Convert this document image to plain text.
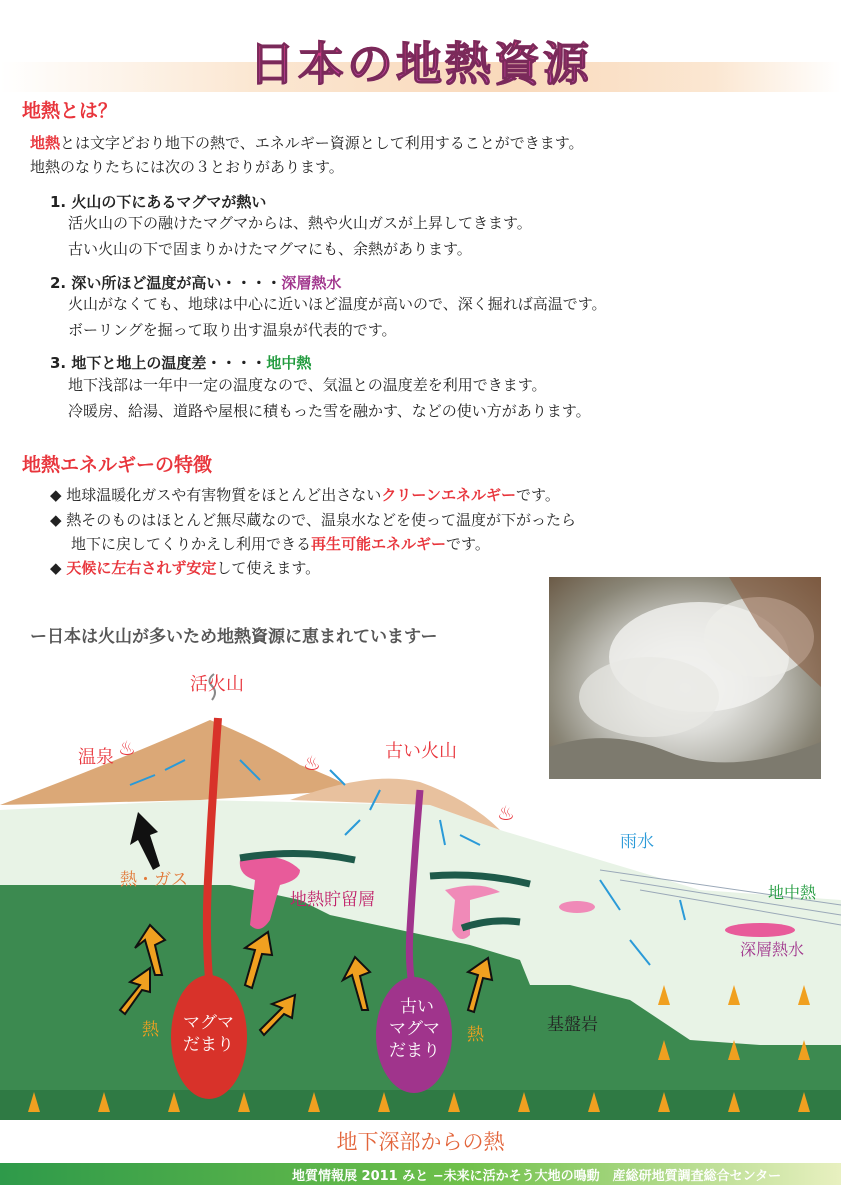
日本の地熱資源
地熱とは？
地熱とは文字どおり地下の熱で、エネルギー資源として利用することができます。
地熱のなりたちには次の３とおりがあります。
1. 火山の下にあるマグマが熱い
活火山の下の融けたマグマからは、熱や火山ガスが上昇してきます。
古い火山の下で固まりかけたマグマにも、余熱があります。
2. 深い所ほど温度が高い・・・・深層熱水
火山がなくても、地球は中心に近いほど温度が高いので、深く掘れば高温です。
ボーリングを掘って取り出す温泉が代表的です。
3. 地下と地上の温度差・・・・地中熱
地下浅部は一年中一定の温度なので、気温との温度差を利用できます。
冷暖房、給湯、道路や屋根に積もった雪を融かす、などの使い方があります。
地熱エネルギーの特徴
◆ 地球温暖化ガスや有害物質をほとんど出さないクリーンエネルギーです。
◆ 熱そのものはほとんど無尽蔵なので、温泉水などを使って温度が下がったら
地下に戻してくりかえし利用できる再生可能エネルギーです。
◆ 天候に左右されず安定して使えます。
ー日本は火山が多いため地熱資源に恵まれていますー
♨
♨
♨
活火山
温泉	古い火山
雨水
熱・ガス
地熱貯留層	地中熱
深層熱水
基盤岩
熱	熱
マグマ
だまり
古い
マグマ
だまり
地下深部からの熱
地質情報展 2011 みと −未来に活かそう大地の鳴動　産総研地質調査総合センター
